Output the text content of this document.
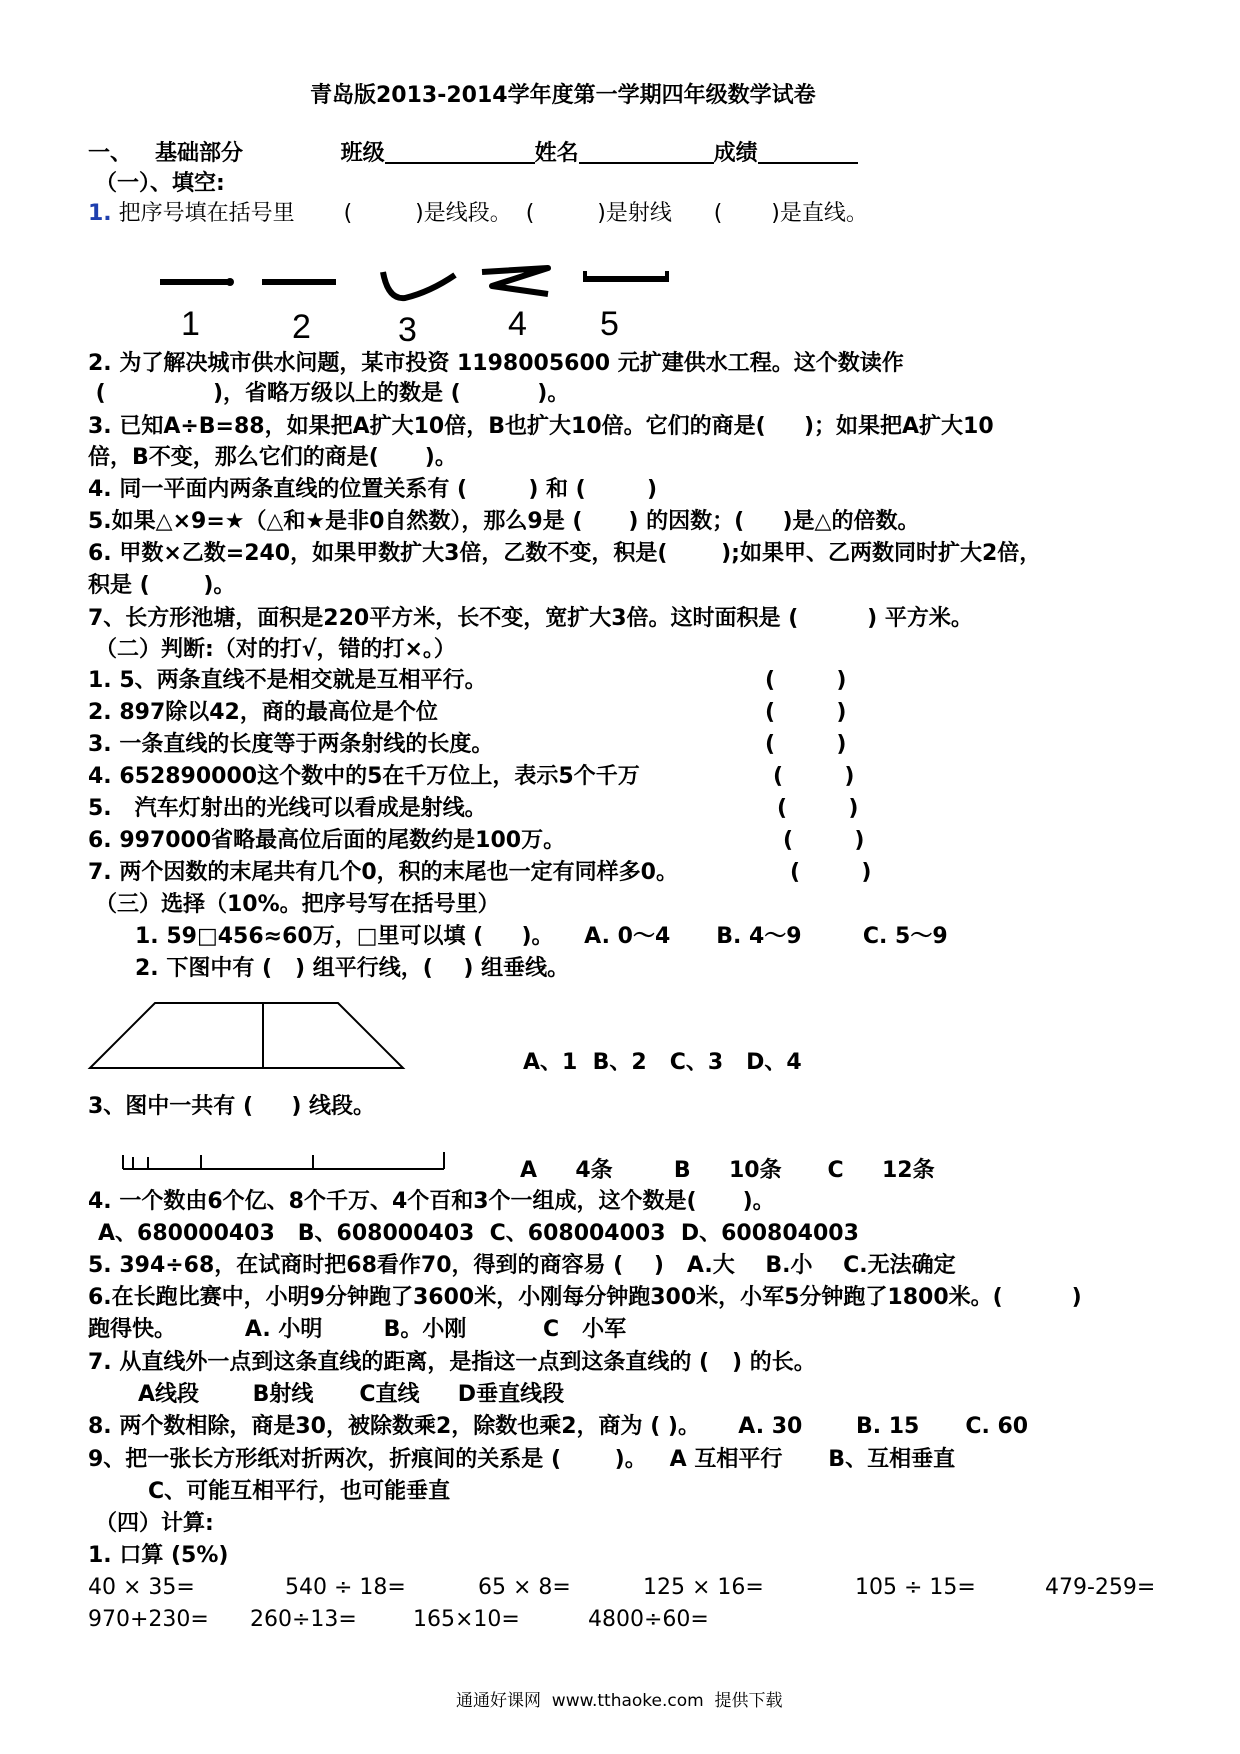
青岛版2013-2014学年度第一学期四年级数学试卷

班级	姓名	成绩

一、   基础部分
（一）、填空:
1. 把序号填在括号里       (         )是线段。  (         )是射线      (       )是直线。
1	2	3	4 5
2. 为了解决城市供水问题，某市投资 1198005600 元扩建供水工程。这个数读作
(              )，省略万级以上的数是 (          )。
3. 已知A÷B=88，如果把A扩大10倍，B也扩大10倍。它们的商是(     )；如果把A扩大10
倍，B不变，那么它们的商是(      )。
4. 同一平面内两条直线的位置关系有 (        ) 和 (        )
5.如果△×9=★（△和★是非0自然数），那么9是 (      ) 的因数；(     )是△的倍数。
6. 甲数×乙数=240，如果甲数扩大3倍，乙数不变，积是(       );如果甲、乙两数同时扩大2倍，
积是 (       )。
7、长方形池塘，面积是220平方米，长不变，宽扩大3倍。这时面积是 (         ) 平方米。
（二）判断:（对的打√，错的打×。）
1. 5、两条直线不是相交就是互相平行。	(        )
2. 897除以42，商的最高位是个位	(        )
3. 一条直线的长度等于两条射线的长度。	(        )
4. 652890000这个数中的5在千万位上，表示5个千万	(        )
5.   汽车灯射出的光线可以看成是射线。	(        )
6. 997000省略最高位后面的尾数约是100万。	(        )
7. 两个因数的末尾共有几个0，积的末尾也一定有同样多0。	(        )
（三）选择（10%。把序号写在括号里）
1. 59□456≈60万，□里可以填 (     )。    A. 0～4      B. 4～9        C. 5～9
2. 下图中有 (   ) 组平行线，(    ) 组垂线。
A、1  B、2   C、3   D、4
3、图中一共有 (     ) 线段。
A     4条        B     10条      C     12条
4. 一个数由6个亿、8个千万、4个百和3个一组成，这个数是(      )。
A、680000403   B、608000403  C、608004003  D、600804003
5. 394÷68，在试商时把68看作70，得到的商容易 (    )   A.大    B.小    C.无法确定
6.在长跑比赛中，小明9分钟跑了3600米，小刚每分钟跑300米，小军5分钟跑了1800米。(         )
跑得快。         A. 小明        B。小刚          C   小军
7. 从直线外一点到这条直线的距离，是指这一点到这条直线的 (   ) 的长。
A线段       B射线      C直线     D垂直线段
8. 两个数相除，商是30，被除数乘2，除数也乘2，商为 ( )。     A. 30       B. 15      C. 60
9、把一张长方形纸对折两次，折痕间的关系是 (       )。   A 互相平行      B、互相垂直
C、可能互相平行，也可能垂直
（四）计算:
1. 口算 (5%)
40 × 35=	540 ÷ 18=	65 × 8=	125 × 16=	105 ÷ 15=	479-259=
970+230= 260÷13=	165×10=	4800÷60=
通通好课网  www.tthaoke.com  提供下载
